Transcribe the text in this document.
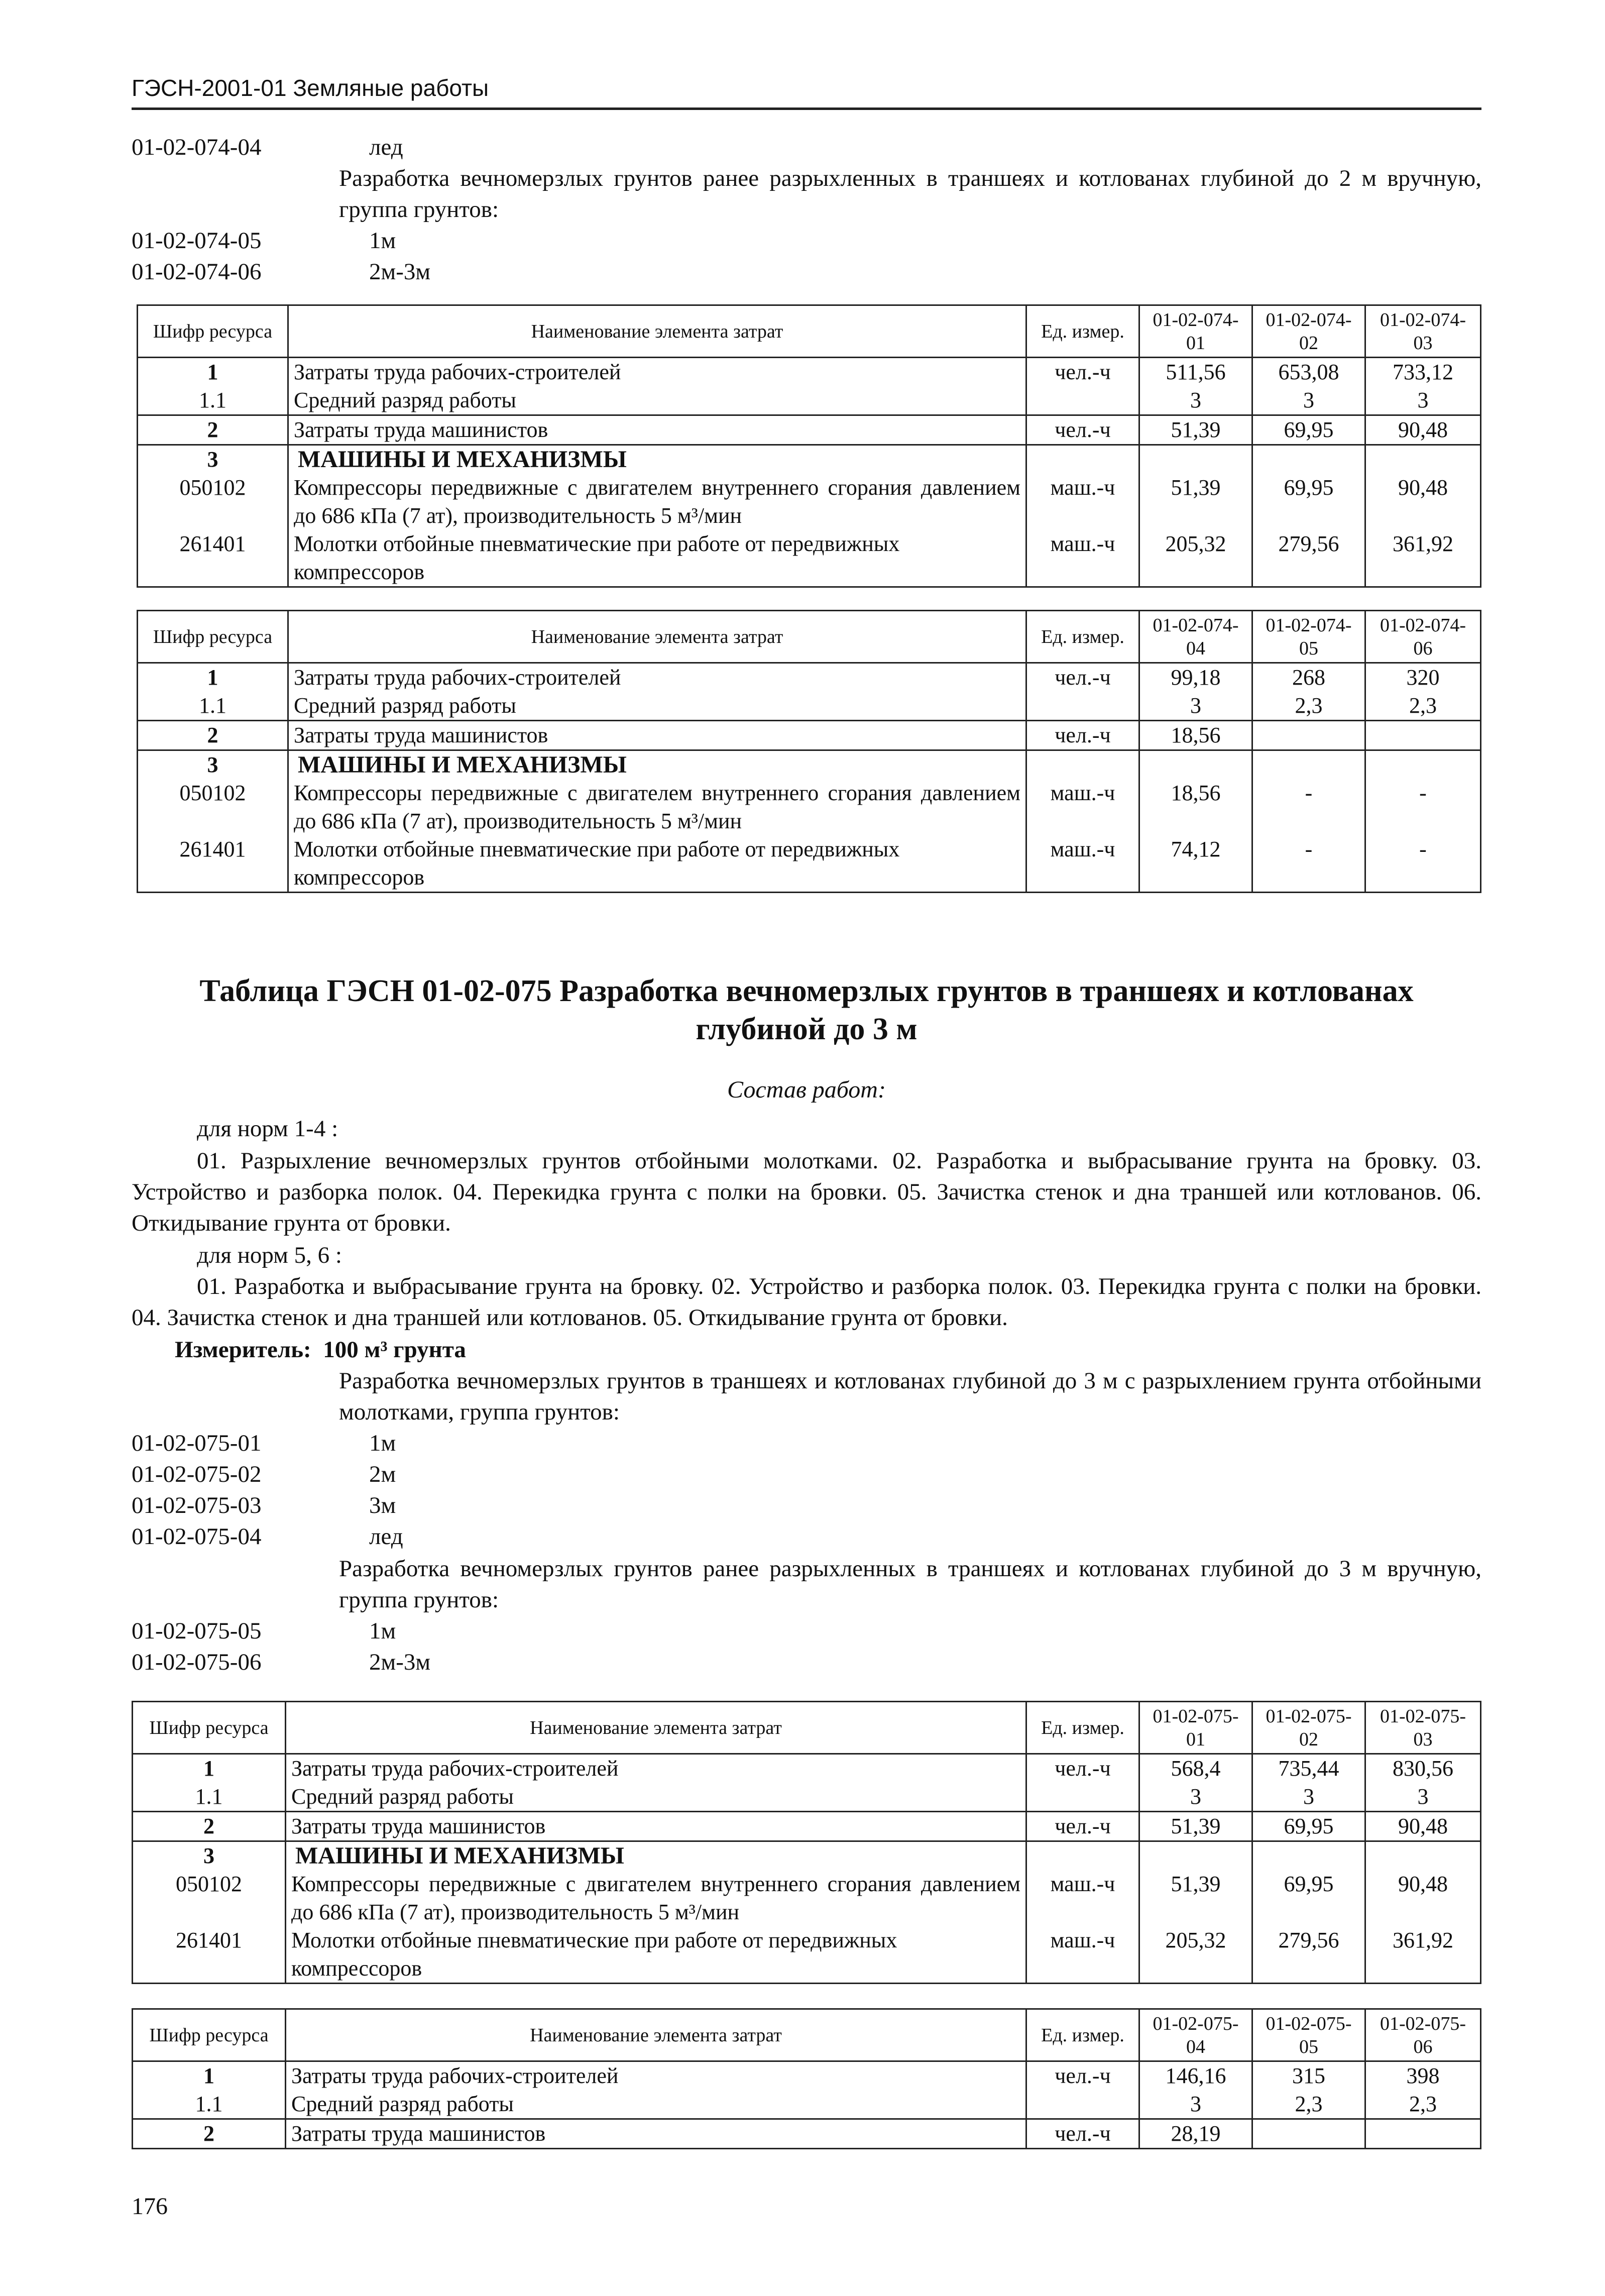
ГЭСН-2001-01 Земляные работы
01-02-074-04	лед
Разработка вечномерзлых грунтов ранее разрыхленных в траншеях и котлованах глубиной до 2 м вручную, группа грунтов:
01-02-074-05	1м
01-02-074-06	2м-3м
Шифр ресурса	Наименование элемента затрат	Ед. измер.	01-02-074-01	01-02-074-02	01-02-074-03
1	Затраты труда рабочих-строителей	чел.-ч	511,56	653,08	733,12
1.1	Средний разряд работы		3	3	3
2	Затраты труда машинистов	чел.-ч	51,39	69,95	90,48
3	МАШИНЫ И МЕХАНИЗМЫ				
050102	Компрессоры передвижные с двигателем внутреннего сгорания давлением до 686 кПа (7 ат), производительность 5 м³/мин	маш.-ч	51,39	69,95	90,48
261401	Молотки отбойные пневматические при работе от передвижных компрессоров	маш.-ч	205,32	279,56	361,92
Шифр ресурса	Наименование элемента затрат	Ед. измер.	01-02-074-04	01-02-074-05	01-02-074-06
1	Затраты труда рабочих-строителей	чел.-ч	99,18	268	320
1.1	Средний разряд работы		3	2,3	2,3
2	Затраты труда машинистов	чел.-ч	18,56		
3	МАШИНЫ И МЕХАНИЗМЫ				
050102	Компрессоры передвижные с двигателем внутреннего сгорания давлением до 686 кПа (7 ат), производительность 5 м³/мин	маш.-ч	18,56	-	-
261401	Молотки отбойные пневматические при работе от передвижных компрессоров	маш.-ч	74,12	-	-
Таблица ГЭСН 01-02-075 Разработка вечномерзлых грунтов в траншеях и котлованах глубиной до 3 м
Состав работ:
для норм 1-4 :
01. Разрыхление вечномерзлых грунтов отбойными молотками. 02. Разработка и выбрасывание грунта на бровку. 03. Устройство и разборка полок. 04. Перекидка грунта с полки на бровки. 05. Зачистка стенок и дна траншей или котлованов. 06. Откидывание грунта от бровки.
для норм 5, 6 :
01. Разработка и выбрасывание грунта на бровку. 02. Устройство и разборка полок. 03. Перекидка грунта с полки на бровки. 04. Зачистка стенок и дна траншей или котлованов. 05. Откидывание грунта от бровки.
Измеритель: 100 м³ грунта
Разработка вечномерзлых грунтов в траншеях и котлованах глубиной до 3 м с разрыхлением грунта отбойными молотками, группа грунтов:
01-02-075-01	1м
01-02-075-02	2м
01-02-075-03	3м
01-02-075-04	лед
Разработка вечномерзлых грунтов ранее разрыхленных в траншеях и котлованах глубиной до 3 м вручную, группа грунтов:
01-02-075-05	1м
01-02-075-06	2м-3м
Шифр ресурса	Наименование элемента затрат	Ед. измер.	01-02-075-01	01-02-075-02	01-02-075-03
1	Затраты труда рабочих-строителей	чел.-ч	568,4	735,44	830,56
1.1	Средний разряд работы		3	3	3
2	Затраты труда машинистов	чел.-ч	51,39	69,95	90,48
3	МАШИНЫ И МЕХАНИЗМЫ				
050102	Компрессоры передвижные с двигателем внутреннего сгорания давлением до 686 кПа (7 ат), производительность 5 м³/мин	маш.-ч	51,39	69,95	90,48
261401	Молотки отбойные пневматические при работе от передвижных компрессоров	маш.-ч	205,32	279,56	361,92
Шифр ресурса	Наименование элемента затрат	Ед. измер.	01-02-075-04	01-02-075-05	01-02-075-06
1	Затраты труда рабочих-строителей	чел.-ч	146,16	315	398
1.1	Средний разряд работы		3	2,3	2,3
2	Затраты труда машинистов	чел.-ч	28,19		
176
